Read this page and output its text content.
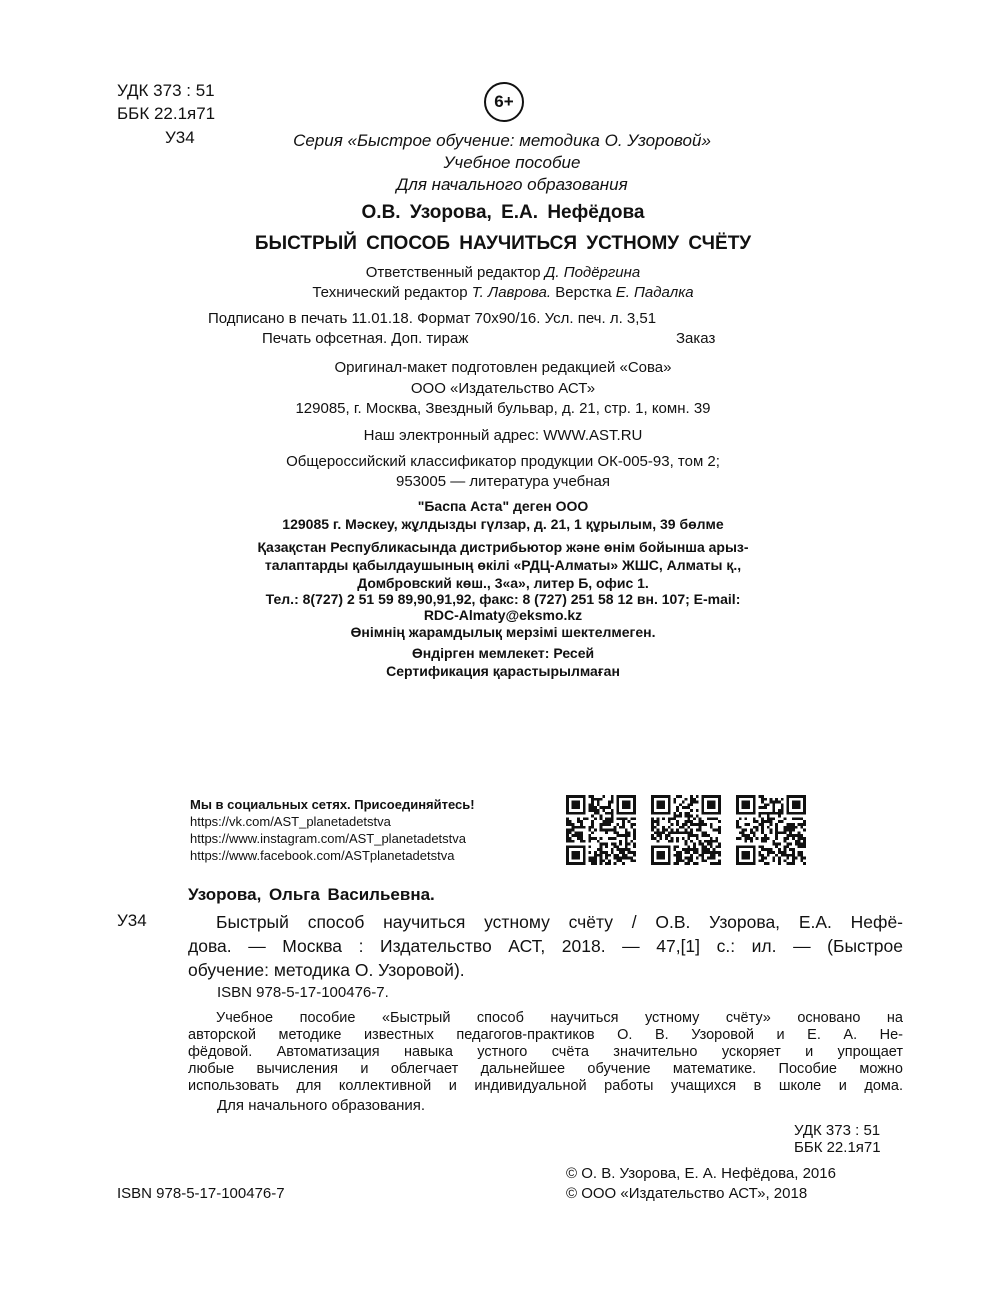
УДК 373 : 51
ББК 22.1я71
6+
У34	Серия «Быстрое обучение: методика О. Узоровой»
Учебное пособие
Для начального образования
О.В. Узорова, Е.А. Нефёдова
БЫСТРЫЙ СПОСОБ НАУЧИТЬСЯ УСТНОМУ СЧЁТУ
Ответственный редактор Д. Подёргина
Технический редактор Т. Лаврова. Верстка Е. Падалка
Подписано в печать 11.01.18. Формат 70х90/16. Усл. печ. л. 3,51
Печать офсетная. Доп. тираж	Заказ
Оригинал-макет подготовлен редакцией «Сова»
ООО «Издательство АСТ»
129085, г. Москва, Звездный бульвар, д. 21, стр. 1, комн. 39
Наш электронный адрес: WWW.AST.RU
Общероссийский классификатор продукции ОК-005-93, том 2;
953005 — литература учебная
"Баспа Аста" деген ООО
129085 г. Мәскеу, жұлдызды гүлзар, д. 21, 1 құрылым, 39 бөлме
Қазақстан Республикасында дистрибьютор және өнім бойынша арыз-
талаптарды қабылдаушының өкілі «РДЦ-Алматы» ЖШС, Алматы қ.,
Домбровский көш., 3«а», литер Б, офис 1.
Тел.: 8(727) 2 51 59 89,90,91,92, факс: 8 (727) 251 58 12 вн. 107; E-mail:
RDC-Almaty@eksmo.kz
Өнімнің жарамдылық мерзімі шектелмеген.
Өндірген мемлекет: Ресей
Сертификация қарастырылмаған
Мы в социальных сетях. Присоединяйтесь!
https://vk.com/AST_planetadetstva
https://www.instagram.com/AST_planetadetstva
https://www.facebook.com/ASTplanetadetstva
Узорова, Ольга Васильевна.
У34	Быстрый способ научиться устному счёту / О.В. Узорова, Е.А. Нефё-
дова. — Москва : Издательство АСТ, 2018. — 47,[1] с.: ил. — (Быстрое
обучение: методика О. Узоровой).
ISBN 978-5-17-100476-7.
Учебное пособие «Быстрый способ научиться устному счёту» основано на
авторской методике известных педагогов-практиков О. В. Узоровой и Е. А. Не-
фёдовой. Автоматизация навыка устного счёта значительно ускоряет и упрощает
любые вычисления и облегчает дальнейшее обучение математике. Пособие можно
использовать для коллективной и индивидуальной работы учащихся в школе и дома.
Для начального образования.
УДК 373 : 51
ББК 22.1я71
ISBN 978-5-17-100476-7
© О. В. Узорова, Е. А. Нефёдова, 2016
© ООО «Издательство АСТ», 2018
